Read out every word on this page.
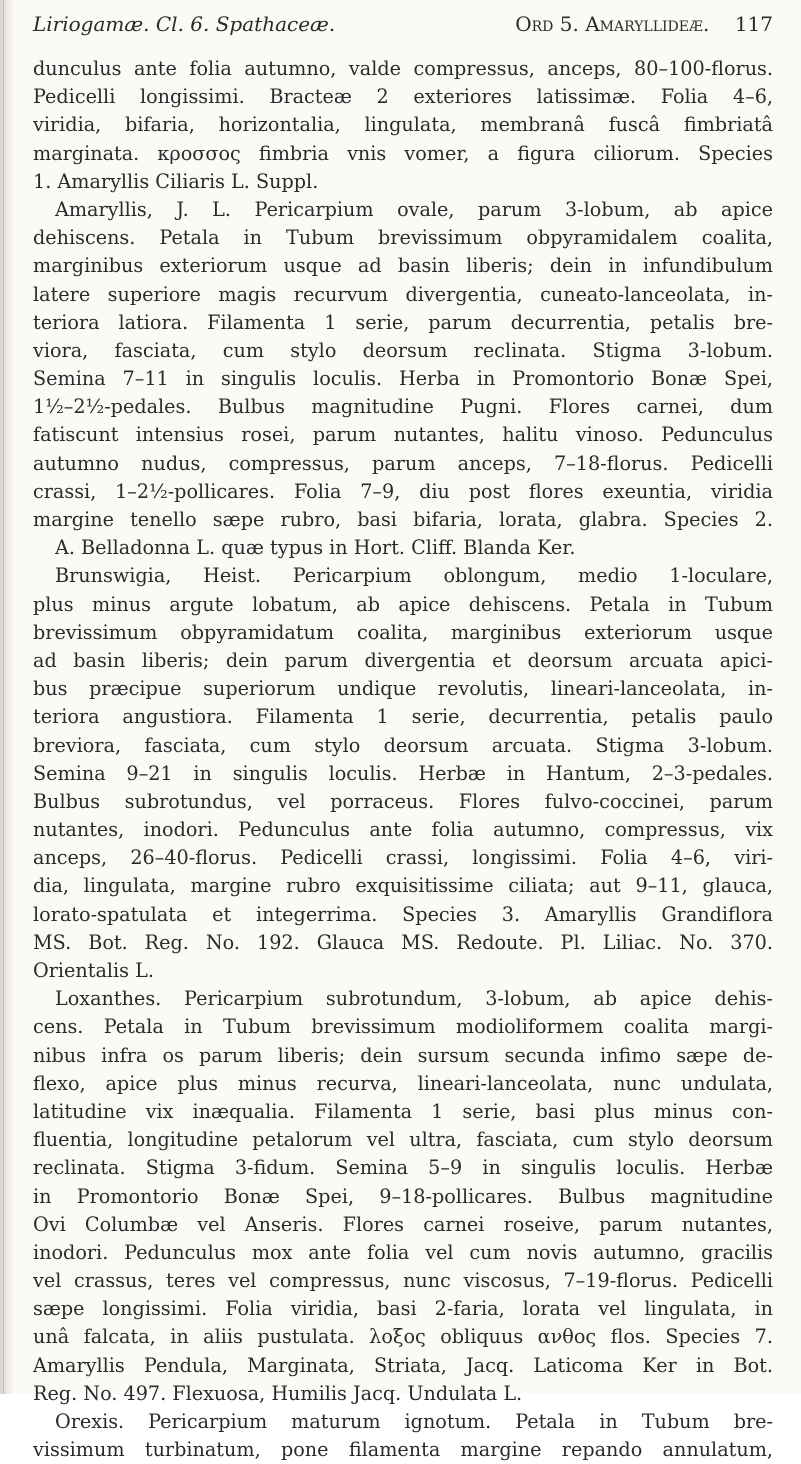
Liriogamæ. Cl. 6. Spathaceæ.	Ord 5. Amaryllideæ. 117
dunculus ante folia autumno, valde compressus, anceps, 80–100-florus.
Pedicelli longissimi. Bracteæ 2 exteriores latissimæ. Folia 4–6,
viridia, bifaria, horizontalia, lingulata, membranâ fuscâ fimbriatâ
marginata. κροσσος fimbria vnis vomer, a figura ciliorum. Species
1. Amaryllis Ciliaris L. Suppl.
Amaryllis, J. L. Pericarpium ovale, parum 3-lobum, ab apice
dehiscens. Petala in Tubum brevissimum obpyramidalem coalita,
marginibus exteriorum usque ad basin liberis; dein in infundibulum
latere superiore magis recurvum divergentia, cuneato-lanceolata, in-
teriora latiora. Filamenta 1 serie, parum decurrentia, petalis bre-
viora, fasciata, cum stylo deorsum reclinata. Stigma 3-lobum.
Semina 7–11 in singulis loculis. Herba in Promontorio Bonæ Spei,
1½–2½-pedales. Bulbus magnitudine Pugni. Flores carnei, dum
fatiscunt intensius rosei, parum nutantes, halitu vinoso. Pedunculus
autumno nudus, compressus, parum anceps, 7–18-florus. Pedicelli
crassi, 1–2½-pollicares. Folia 7–9, diu post flores exeuntia, viridia
margine tenello sæpe rubro, basi bifaria, lorata, glabra. Species 2.
A. Belladonna L. quæ typus in Hort. Cliff. Blanda Ker.
Brunswigia, Heist. Pericarpium oblongum, medio 1-loculare,
plus minus argute lobatum, ab apice dehiscens. Petala in Tubum
brevissimum obpyramidatum coalita, marginibus exteriorum usque
ad basin liberis; dein parum divergentia et deorsum arcuata apici-
bus præcipue superiorum undique revolutis, lineari-lanceolata, in-
teriora angustiora. Filamenta 1 serie, decurrentia, petalis paulo
breviora, fasciata, cum stylo deorsum arcuata. Stigma 3-lobum.
Semina 9–21 in singulis loculis. Herbæ in Hantum, 2–3-pedales.
Bulbus subrotundus, vel porraceus. Flores fulvo-coccinei, parum
nutantes, inodori. Pedunculus ante folia autumno, compressus, vix
anceps, 26–40-florus. Pedicelli crassi, longissimi. Folia 4–6, viri-
dia, lingulata, margine rubro exquisitissime ciliata; aut 9–11, glauca,
lorato-spatulata et integerrima. Species 3. Amaryllis Grandiflora
MS. Bot. Reg. No. 192. Glauca MS. Redoute. Pl. Liliac. No. 370.
Orientalis L.
Loxanthes. Pericarpium subrotundum, 3-lobum, ab apice dehis-
cens. Petala in Tubum brevissimum modioliformem coalita margi-
nibus infra os parum liberis; dein sursum secunda infimo sæpe de-
flexo, apice plus minus recurva, lineari-lanceolata, nunc undulata,
latitudine vix inæqualia. Filamenta 1 serie, basi plus minus con-
fluentia, longitudine petalorum vel ultra, fasciata, cum stylo deorsum
reclinata. Stigma 3-fidum. Semina 5–9 in singulis loculis. Herbæ
in Promontorio Bonæ Spei, 9–18-pollicares. Bulbus magnitudine
Ovi Columbæ vel Anseris. Flores carnei roseive, parum nutantes,
inodori. Pedunculus mox ante folia vel cum novis autumno, gracilis
vel crassus, teres vel compressus, nunc viscosus, 7–19-florus. Pedicelli
sæpe longissimi. Folia viridia, basi 2-faria, lorata vel lingulata, in
unâ falcata, in aliis pustulata. λοξος obliquus ανθος flos. Species 7.
Amaryllis Pendula, Marginata, Striata, Jacq. Laticoma Ker in Bot.
Reg. No. 497. Flexuosa, Humilis Jacq. Undulata L.
Orexis. Pericarpium maturum ignotum. Petala in Tubum bre-
vissimum turbinatum, pone filamenta margine repando annulatum,
